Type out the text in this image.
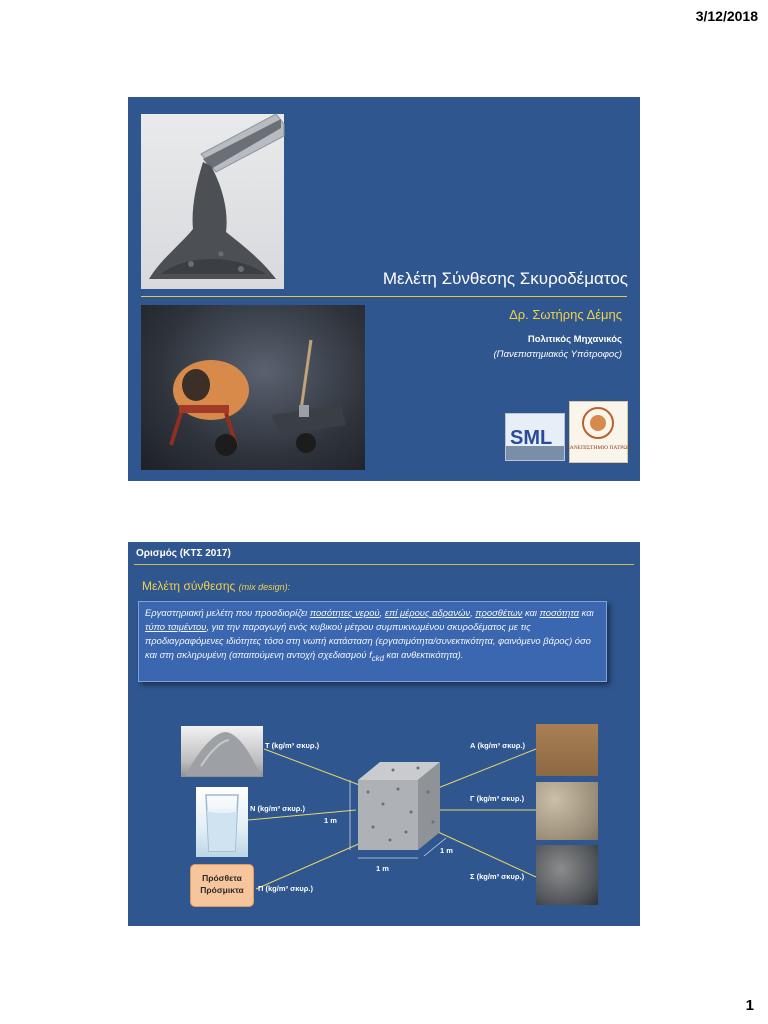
3/12/2018
Μελέτη Σύνθεσης Σκυροδέματος
Δρ. Σωτήρης Δέμης
Πολιτικός Μηχανικός
(Πανεπιστημιακός Υπότροφος)
SML ΠΑΝΕΠΙΣΤΗΜΙΟ ΠΑΤΡΩΝ
Ορισμός (ΚΤΣ 2017)
Μελέτη σύνθεσης (mix design):
Εργαστηριακή μελέτη που προσδιορίζει ποσότητες νερού, επί μέρους αδρανών, προσθέτων και ποσότητα και τύπο τσιμέντου, για την παραγωγή ενός κυβικού μέτρου συμπυκνωμένου σκυροδέματος με τις προδιαγραφόμενες ιδιότητες τόσο στη νωπή κατάσταση (εργασιμότητα/συνεκτικότητα, φαινόμενο βάρος) όσο και στη σκληρυμένη (απαιτούμενη αντοχή σχεδιασμού $f_{ckd}$ και ανθεκτικότητα).
Πρόσθετα
Πρόσμικτα
Τ (kg/m³ σκυρ.)
Ν (kg/m³ σκυρ.)
Π (kg/m³ σκυρ.)
Α (kg/m³ σκυρ.)
Γ (kg/m³ σκυρ.)
Σ (kg/m³ σκυρ.)
1 m
1 m
1 m
1
